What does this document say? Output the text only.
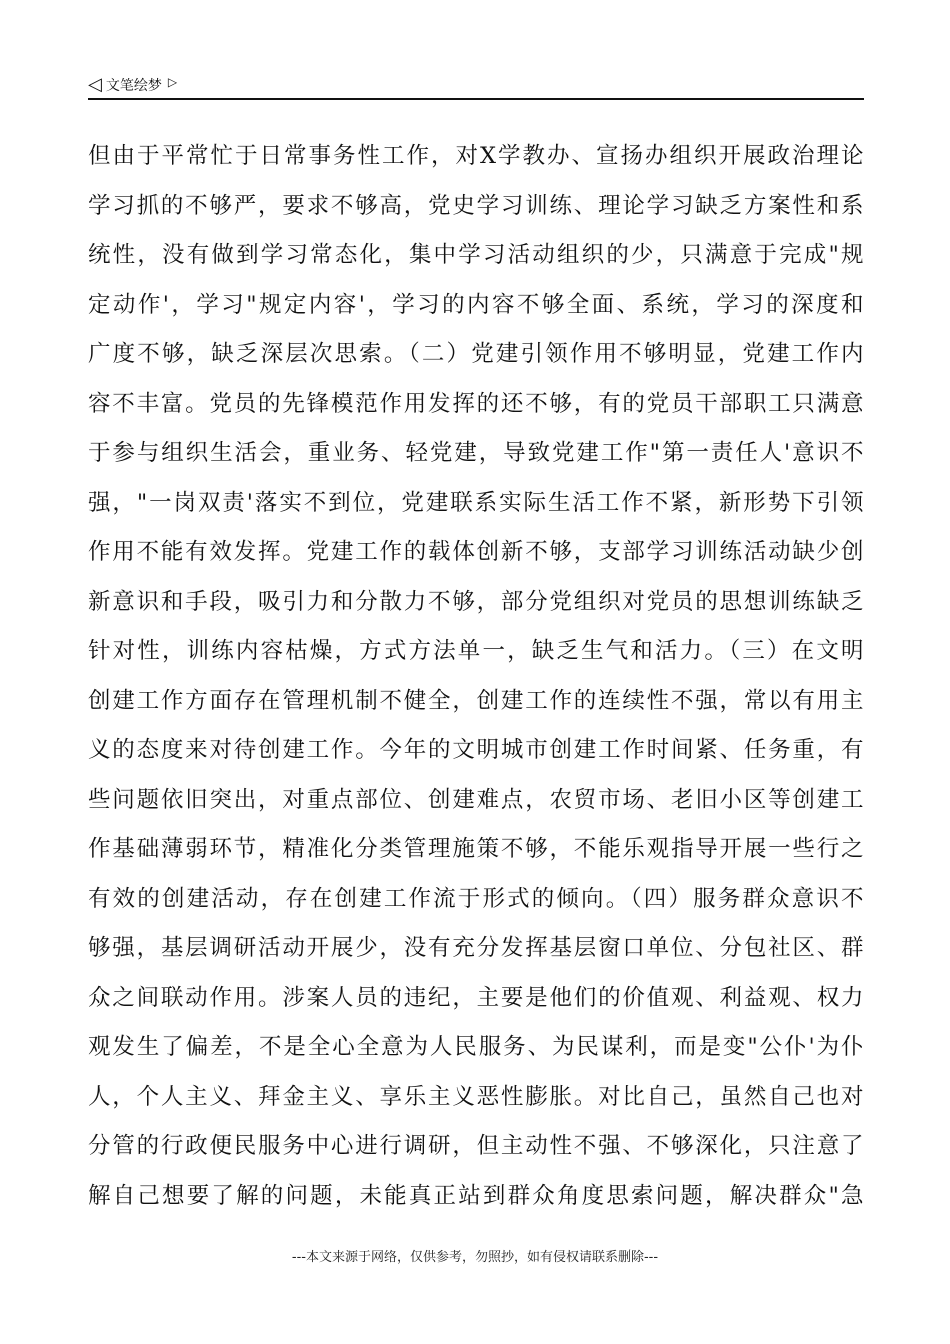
◁ 文笔绘梦 ▷
但由于平常忙于日常事务性工作，对X学教办、宣扬办组织开展政治理论
学习抓的不够严，要求不够高，党史学习训练、理论学习缺乏方案性和系
统性，没有做到学习常态化，集中学习活动组织的少，只满意于完成"规
定动作'，学习"规定内容'，学习的内容不够全面、系统，学习的深度和
广度不够，缺乏深层次思索。（二）党建引领作用不够明显，党建工作内
容不丰富。党员的先锋模范作用发挥的还不够，有的党员干部职工只满意
于参与组织生活会，重业务、轻党建，导致党建工作"第一责任人'意识不
强，"一岗双责'落实不到位，党建联系实际生活工作不紧，新形势下引领
作用不能有效发挥。党建工作的载体创新不够，支部学习训练活动缺少创
新意识和手段，吸引力和分散力不够，部分党组织对党员的思想训练缺乏
针对性，训练内容枯燥，方式方法单一，缺乏生气和活力。（三）在文明
创建工作方面存在管理机制不健全，创建工作的连续性不强，常以有用主
义的态度来对待创建工作。今年的文明城市创建工作时间紧、任务重，有
些问题依旧突出，对重点部位、创建难点，农贸市场、老旧小区等创建工
作基础薄弱环节，精准化分类管理施策不够，不能乐观指导开展一些行之
有效的创建活动，存在创建工作流于形式的倾向。（四）服务群众意识不
够强，基层调研活动开展少，没有充分发挥基层窗口单位、分包社区、群
众之间联动作用。涉案人员的违纪，主要是他们的价值观、利益观、权力
观发生了偏差，不是全心全意为人民服务、为民谋利，而是变"公仆'为仆
人，个人主义、拜金主义、享乐主义恶性膨胀。对比自己，虽然自己也对
分管的行政便民服务中心进行调研，但主动性不强、不够深化，只注意了
解自己想要了解的问题，未能真正站到群众角度思索问题，解决群众"急
---本文来源于网络，仅供参考，勿照抄，如有侵权请联系删除---
